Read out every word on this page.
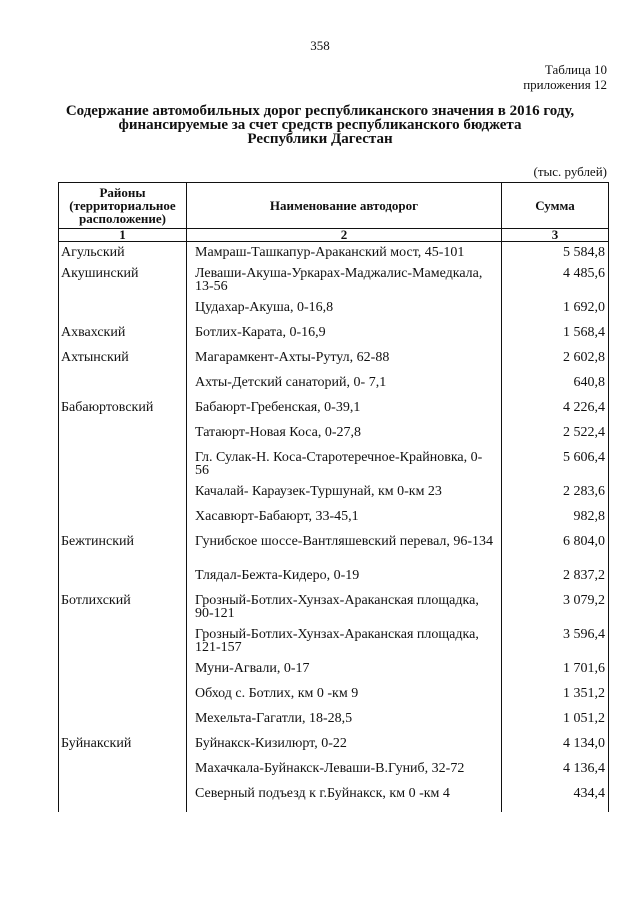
358
Таблица 10
приложения 12
Содержание автомобильных дорог республиканского значения в 2016 году,
финансируемые за счет средств республиканского бюджета
Республики Дагестан
(тыс. рублей)
Районы (территориальное расположение)	Наименование автодорог	Сумма
1	2	3
Агульский	Мамраш-Ташкапур-Араканский мост, 45-101	5 584,8
Акушинский	Леваши-Акуша-Уркарах-Маджалис-Мамедкала, 13-56	4 485,6
	Цудахар-Акуша, 0-16,8	1 692,0
Ахвахский	Ботлих-Карата, 0-16,9	1 568,4
Ахтынский	Магарамкент-Ахты-Рутул, 62-88	2 602,8
	Ахты-Детский санаторий, 0- 7,1	640,8
Бабаюртовский	Бабаюрт-Гребенская, 0-39,1	4 226,4
	Татаюрт-Новая Коса, 0-27,8	2 522,4
	Гл. Сулак-Н. Коса-Старотеречное-Крайновка, 0-56	5 606,4
	Качалай- Караузек-Туршунай, км 0-км 23	2 283,6
	Хасавюрт-Бабаюрт, 33-45,1	982,8
Бежтинский	Гунибское шоссе-Вантляшевский перевал, 96-134	6 804,0
	Тлядал-Бежта-Кидеро, 0-19	2 837,2
Ботлихский	Грозный-Ботлих-Хунзах-Араканская площадка, 90-121	3 079,2
	Грозный-Ботлих-Хунзах-Араканская площадка, 121-157	3 596,4
	Муни-Агвали, 0-17	1 701,6
	Обход с. Ботлих, км 0 -км 9	1 351,2
	Мехельта-Гагатли, 18-28,5	1 051,2
Буйнакский	Буйнакск-Кизилюрт, 0-22	4 134,0
	Махачкала-Буйнакск-Леваши-В.Гуниб, 32-72	4 136,4
	Северный подъезд к г.Буйнакск, км 0 -км 4	434,4
